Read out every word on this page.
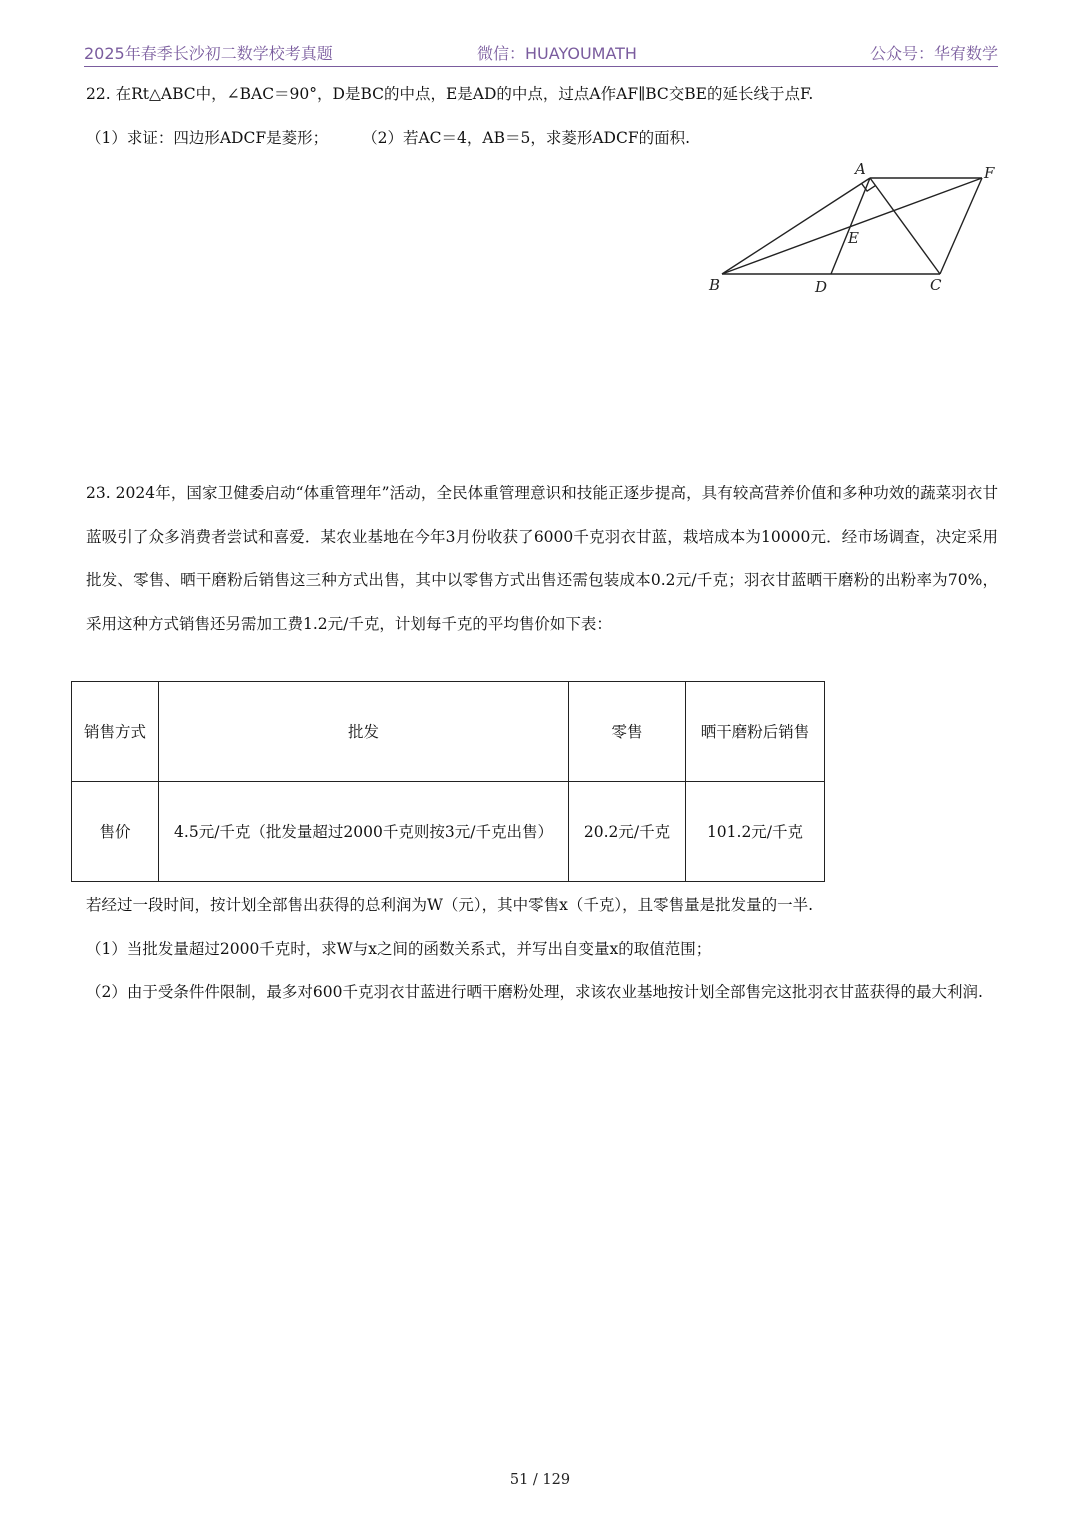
2025年春季长沙初二数学校考真题	微信：HUAYOUMATH	公众号：华宥数学
22. 在Rt△ABC中，∠BAC＝90°，D是BC的中点，E是AD的中点，过点A作AF∥BC交BE的延长线于点F.
（1）求证：四边形ADCF是菱形； （2）若AC＝4，AB＝5，求菱形ADCF的面积.
A	F
E
B	D	C
23. 2024年，国家卫健委启动“体重管理年”活动，全民体重管理意识和技能正逐步提高，具有较高营养价值和多种功效的蔬菜羽衣甘蓝吸引了众多消费者尝试和喜爱．某农业基地在今年3月份收获了6000千克羽衣甘蓝，栽培成本为10000元．经市场调查，决定采用批发、零售、晒干磨粉后销售这三种方式出售，其中以零售方式出售还需包装成本0.2元/千克；羽衣甘蓝晒干磨粉的出粉率为70%，采用这种方式销售还另需加工费1.2元/千克，计划每千克的平均售价如下表：
销售方式	批发	零售	晒干磨粉后销售
售价	4.5元/千克（批发量超过2000千克则按3元/千克出售）	20.2元/千克	101.2元/千克

若经过一段时间，按计划全部售出获得的总利润为W（元），其中零售x（千克），且零售量是批发量的一半.

（1）当批发量超过2000千克时，求W与x之间的函数关系式，并写出自变量x的取值范围；

（2）由于受条件件限制，最多对600千克羽衣甘蓝进行晒干磨粉处理，求该农业基地按计划全部售完这批羽衣甘蓝获得的最大利润.

51 / 129
